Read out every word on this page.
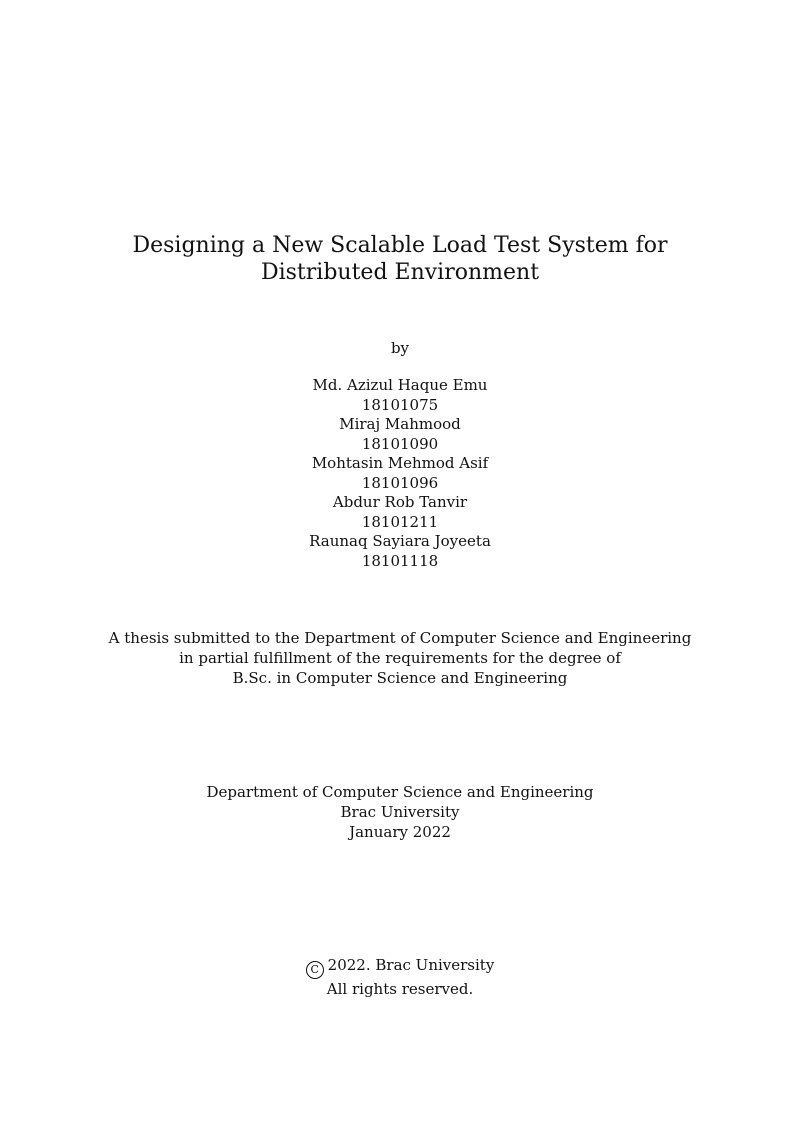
Designing a New Scalable Load Test System for
Distributed Environment
by
Md. Azizul Haque Emu
18101075
Miraj Mahmood
18101090
Mohtasin Mehmod Asif
18101096
Abdur Rob Tanvir
18101211
Raunaq Sayiara Joyeeta
18101118
A thesis submitted to the Department of Computer Science and Engineering
in partial fulfillment of the requirements for the degree of
B.Sc. in Computer Science and Engineering
Department of Computer Science and Engineering
Brac University
January 2022
C 2022. Brac University
All rights reserved.
